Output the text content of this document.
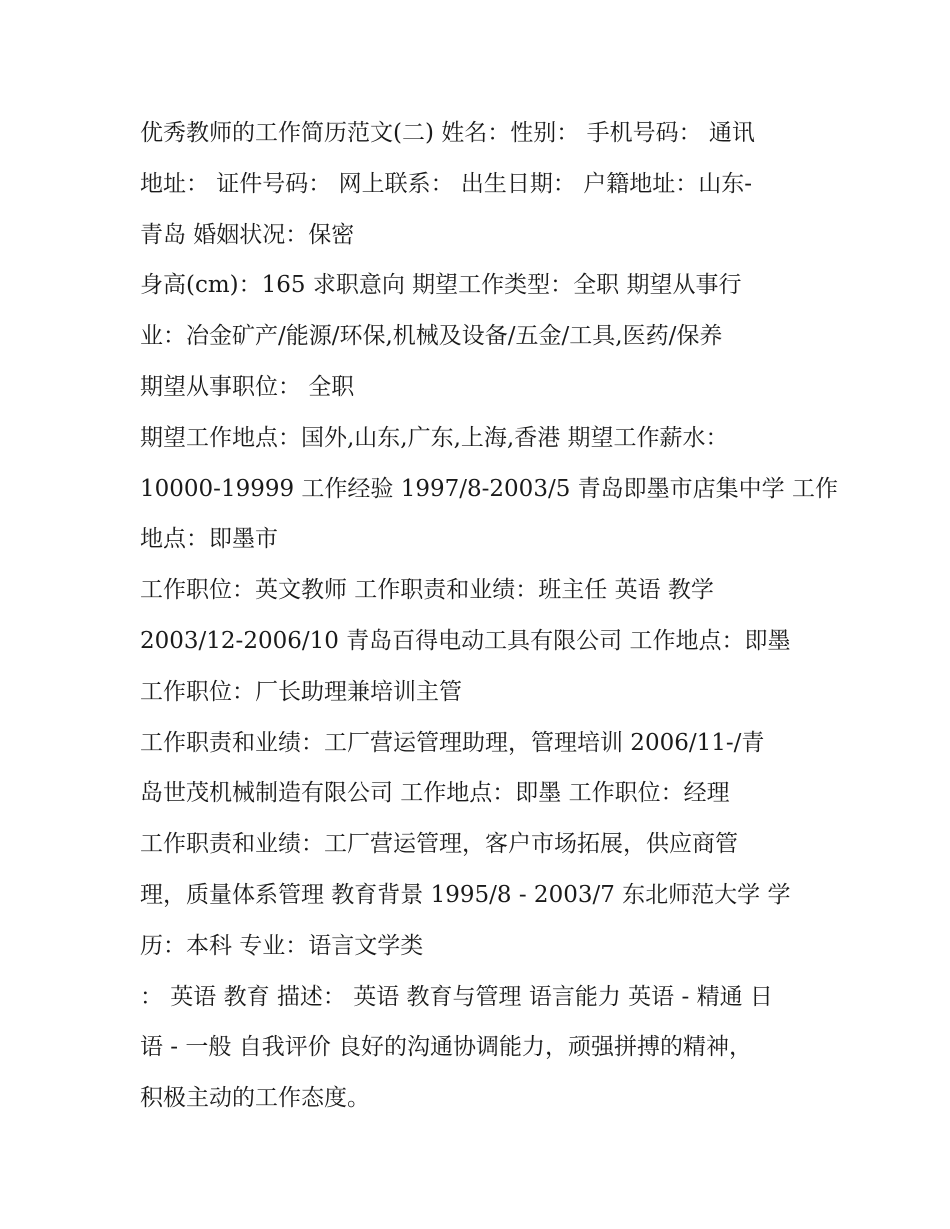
优秀教师的工作简历范文(二) 姓名：性别： 手机号码： 通讯
地址： 证件号码： 网上联系： 出生日期： 户籍地址：山东-
青岛 婚姻状况：保密
身高(cm)：165 求职意向 期望工作类型：全职 期望从事行
业：冶金矿产/能源/环保,机械及设备/五金/工具,医药/保养
期望从事职位： 全职
期望工作地点：国外,山东,广东,上海,香港 期望工作薪水：
10000-19999 工作经验 1997/8-2003/5 青岛即墨市店集中学 工作
地点：即墨市
工作职位：英文教师 工作职责和业绩：班主任 英语 教学
2003/12-2006/10 青岛百得电动工具有限公司 工作地点：即墨
工作职位：厂长助理兼培训主管
工作职责和业绩：工厂营运管理助理，管理培训 2006/11-/青
岛世茂机械制造有限公司 工作地点：即墨 工作职位：经理
工作职责和业绩：工厂营运管理，客户市场拓展，供应商管
理，质量体系管理 教育背景 1995/8 - 2003/7 东北师范大学 学
历：本科 专业：语言文学类
： 英语 教育 描述： 英语 教育与管理 语言能力 英语 - 精通 日
语 - 一般 自我评价 良好的沟通协调能力，顽强拼搏的精神，
积极主动的工作态度。
